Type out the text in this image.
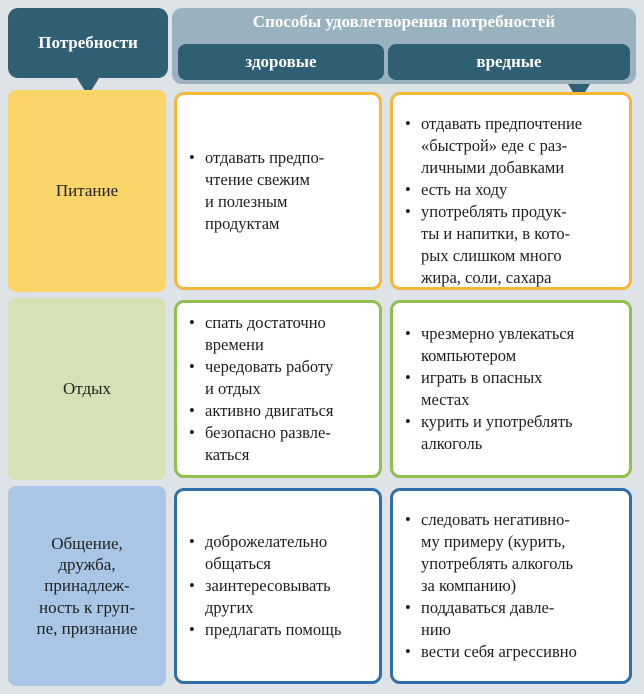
Потребности
Способы удовлетворения потребностей
здоровые	вредные
Питание
• отдавать предпо-
чтение свежим
и полезным
продуктам
• отдавать предпочтение
«быстрой» еде с раз-
личными добавками
• есть на ходу
• употреблять продук-
ты и напитки, в кото-
рых слишком много
жира, соли, сахара
Отдых
• спать достаточно
времени
• чередовать работу
и отдых
• активно двигаться
• безопасно развле-
каться
• чрезмерно увлекаться
компьютером
• играть в опасных
местах
• курить и употреблять
алкоголь
Общение,
дружба,
принадлеж-
ность к груп-
пе, признание
• доброжелательно
общаться
• заинтересовывать
других
• предлагать помощь
• следовать негативно-
му примеру (курить,
употреблять алкоголь
за компанию)
• поддаваться давле-
нию
• вести себя агрессивно
